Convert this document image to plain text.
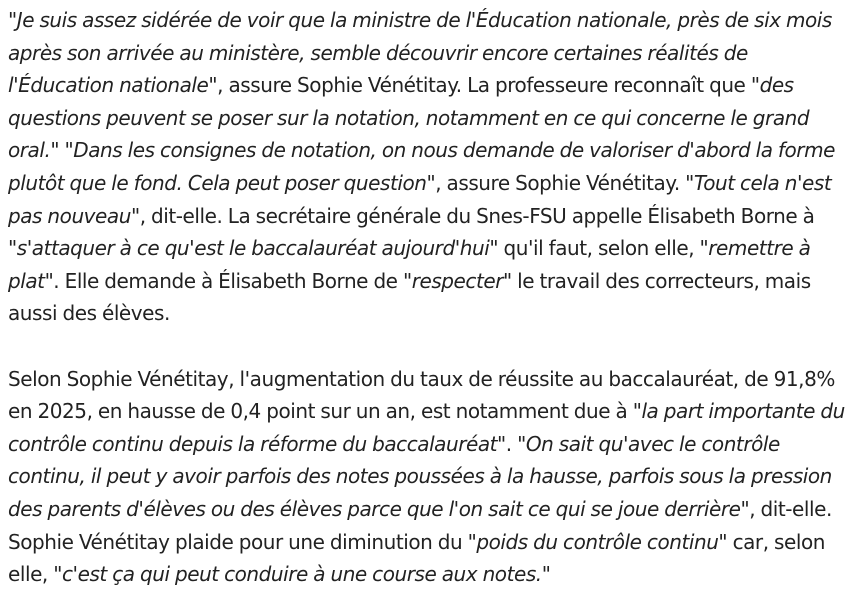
"Je suis assez sidérée de voir que la ministre de l'Éducation nationale, près de six mois après son arrivée au ministère, semble découvrir encore certaines réalités de l'Éducation nationale", assure Sophie Vénétitay. La professeure reconnaît que "des questions peuvent se poser sur la notation, notamment en ce qui concerne le grand oral." "Dans les consignes de notation, on nous demande de valoriser d'abord la forme plutôt que le fond. Cela peut poser question", assure Sophie Vénétitay. "Tout cela n'est pas nouveau", dit-elle. La secrétaire générale du Snes-FSU appelle Élisabeth Borne à "s'attaquer à ce qu'est le baccalauréat aujourd'hui" qu'il faut, selon elle, "remettre à plat". Elle demande à Élisabeth Borne de "respecter" le travail des correcteurs, mais aussi des élèves.

Selon Sophie Vénétitay, l'augmentation du taux de réussite au baccalauréat, de 91,8% en 2025, en hausse de 0,4 point sur un an, est notamment due à "la part importante du contrôle continu depuis la réforme du baccalauréat". "On sait qu'avec le contrôle continu, il peut y avoir parfois des notes poussées à la hausse, parfois sous la pression des parents d'élèves ou des élèves parce que l'on sait ce qui se joue derrière", dit-elle. Sophie Vénétitay plaide pour une diminution du "poids du contrôle continu" car, selon elle, "c'est ça qui peut conduire à une course aux notes."
